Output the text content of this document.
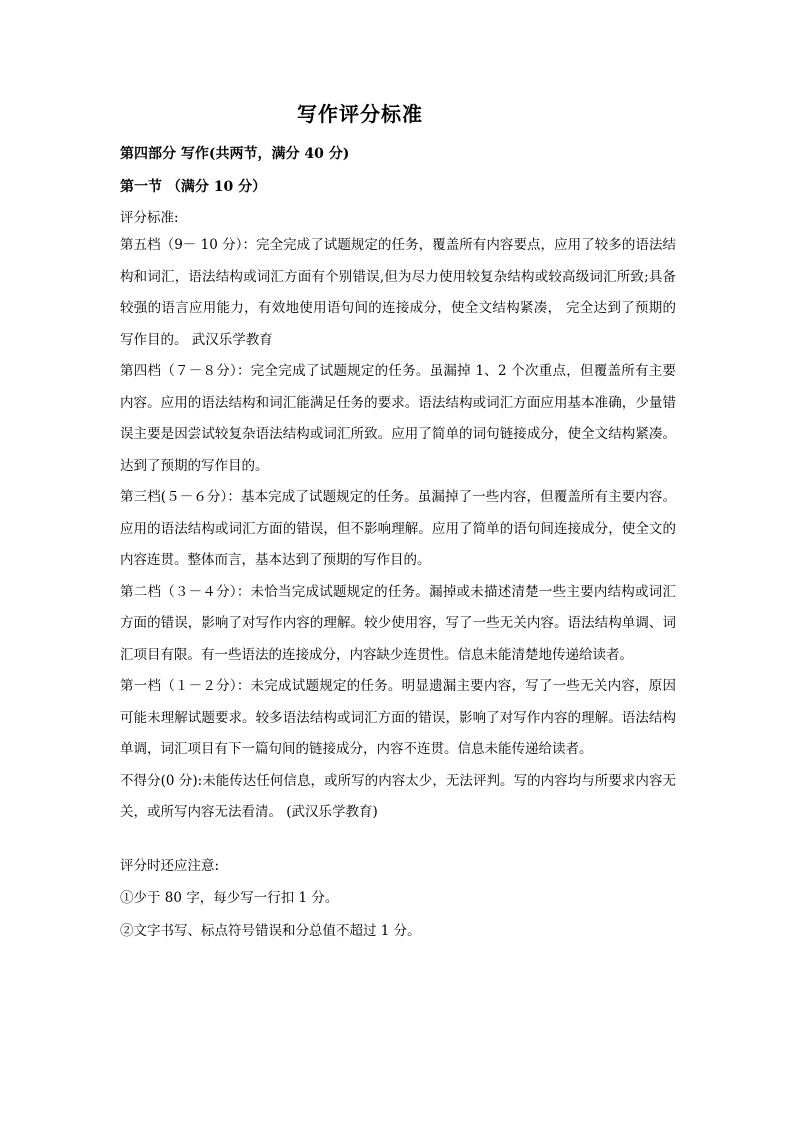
写作评分标准
第四部分 写作(共两节，满分 40 分)
第一节 （满分 10 分）
评分标准:

第五档（9－ 10 分）：完全完成了试题规定的任务，覆盖所有内容要点，应用了较多的语法结构和词汇，语法结构或词汇方面有个别错误,但为尽力使用较复杂结构或较高级词汇所致;具备较强的语言应用能力，有效地使用语句间的连接成分，使全文结构紧凑， 完全达到了预期的写作目的。 武汉乐学教育

第四档（７－８分）：完全完成了试题规定的任务。虽漏掉 1、2 个次重点，但覆盖所有主要内容。应用的语法结构和词汇能满足任务的要求。语法结构或词汇方面应用基本准确，少量错误主要是因尝试较复杂语法结构或词汇所致。应用了简单的词句链接成分，使全文结构紧凑。达到了预期的写作目的。

第三档(５－６分）：基本完成了试题规定的任务。虽漏掉了一些内容，但覆盖所有主要内容。应用的语法结构或词汇方面的错误，但不影响理解。应用了简单的语句间连接成分，使全文的内容连贯。整体而言，基本达到了预期的写作目的。

第二档（３－４分）：未恰当完成试题规定的任务。漏掉或未描述清楚一些主要内结构或词汇方面的错误，影响了对写作内容的理解。较少使用容，写了一些无关内容。语法结构单调、词汇项目有限。有一些语法的连接成分，内容缺少连贯性。信息未能清楚地传递给读者。

第一档（１－２分）：未完成试题规定的任务。明显遗漏主要内容，写了一些无关内容，原因可能未理解试题要求。较多语法结构或词汇方面的错误，影响了对写作内容的理解。语法结构单调，词汇项目有下一篇句间的链接成分，内容不连贯。信息未能传递给读者。

不得分(0 分):未能传达任何信息，或所写的内容太少，无法评判。写的内容均与所要求内容无关，或所写内容无法看清。 (武汉乐学教育)

评分时还应注意:
①少于 80 字，每少写一行扣 1 分。
②文字书写、标点符号错误和分总值不超过 1 分。
